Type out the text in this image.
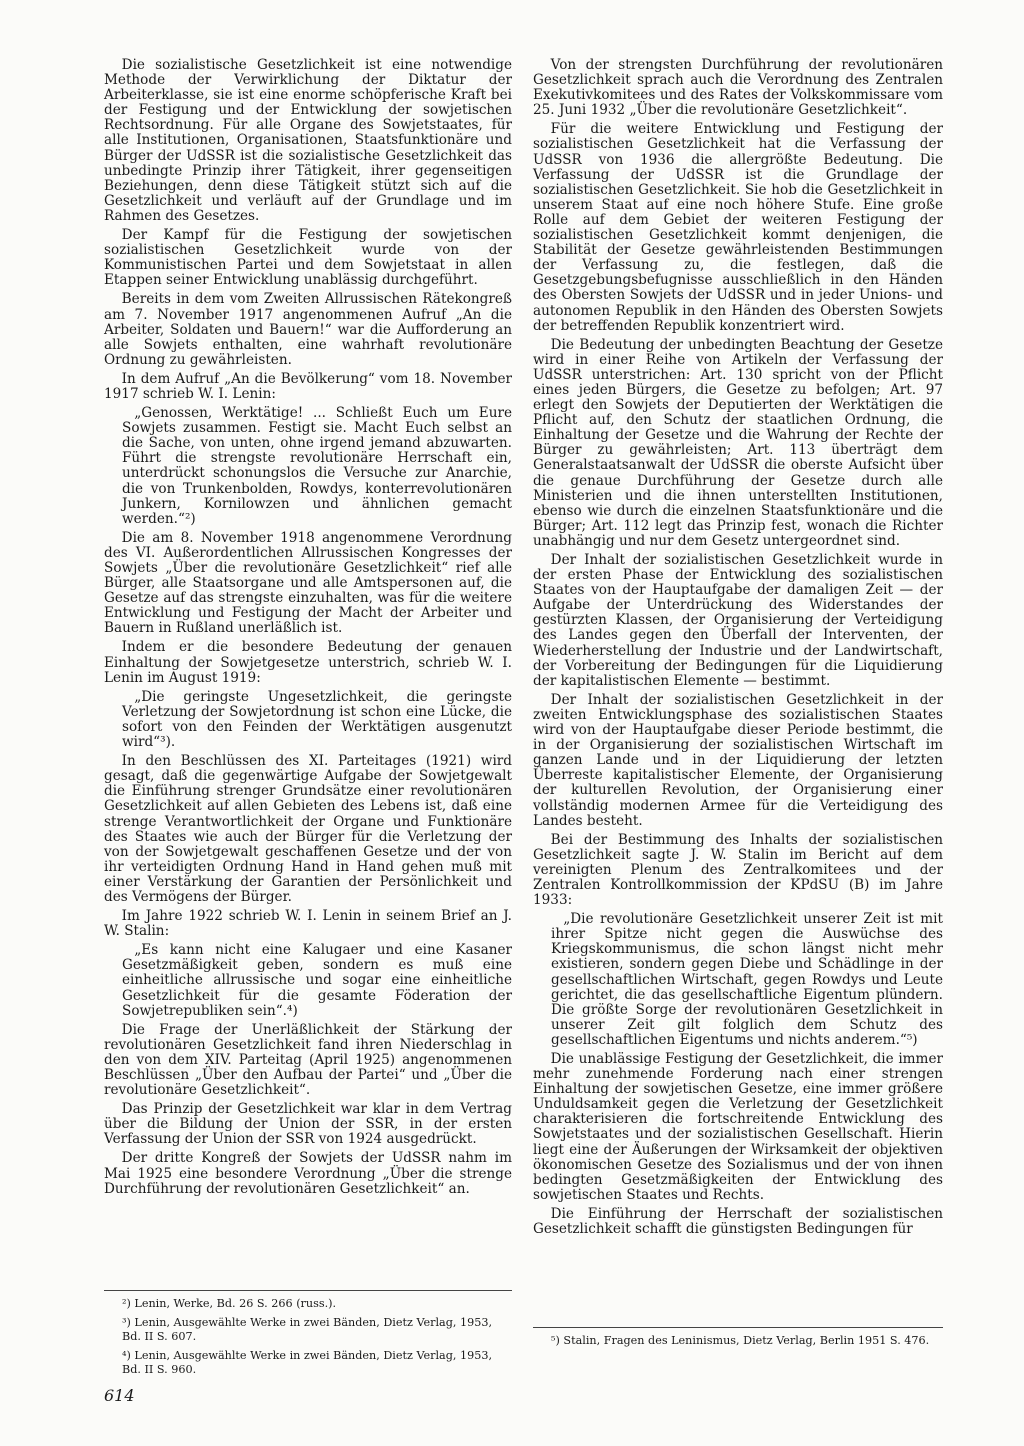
Die sozialistische Gesetzlichkeit ist eine notwendige Methode der Verwirklichung der Diktatur der Arbeiterklasse, sie ist eine enorme schöpferische Kraft bei der Festigung und der Entwicklung der sowjetischen Rechtsordnung. Für alle Organe des Sowjetstaates, für alle Institutionen, Organisationen, Staatsfunktionäre und Bürger der UdSSR ist die sozialistische Gesetzlichkeit das unbedingte Prinzip ihrer Tätigkeit, ihrer gegenseitigen Beziehungen, denn diese Tätigkeit stützt sich auf die Gesetzlichkeit und verläuft auf der Grundlage und im Rahmen des Gesetzes.

Der Kampf für die Festigung der sowjetischen sozialistischen Gesetzlichkeit wurde von der Kommunistischen Partei und dem Sowjetstaat in allen Etappen seiner Entwicklung unablässig durchgeführt.

Bereits in dem vom Zweiten Allrussischen Rätekongreß am 7. November 1917 angenommenen Aufruf „An die Arbeiter, Soldaten und Bauern!“ war die Aufforderung an alle Sowjets enthalten, eine wahrhaft revolutionäre Ordnung zu gewährleisten.

In dem Aufruf „An die Bevölkerung“ vom 18. November 1917 schrieb W. I. Lenin:

„Genossen, Werktätige! ... Schließt Euch um Eure Sowjets zusammen. Festigt sie. Macht Euch selbst an die Sache, von unten, ohne irgend jemand abzuwarten. Führt die strengste revolutionäre Herrschaft ein, unterdrückt schonungslos die Versuche zur Anarchie, die von Trunkenbolden, Rowdys, konterrevolutionären Junkern, Kornilowzen und ähnlichen gemacht werden.“²)

Die am 8. November 1918 angenommene Verordnung des VI. Außerordentlichen Allrussischen Kongresses der Sowjets „Über die revolutionäre Gesetzlichkeit“ rief alle Bürger, alle Staatsorgane und alle Amtspersonen auf, die Gesetze auf das strengste einzuhalten, was für die weitere Entwicklung und Festigung der Macht der Arbeiter und Bauern in Rußland unerläßlich ist.

Indem er die besondere Bedeutung der genauen Einhaltung der Sowjetgesetze unterstrich, schrieb W. I. Lenin im August 1919:

„Die geringste Ungesetzlichkeit, die geringste Verletzung der Sowjetordnung ist schon eine Lücke, die sofort von den Feinden der Werktätigen ausgenutzt wird“³).

In den Beschlüssen des XI. Parteitages (1921) wird gesagt, daß die gegenwärtige Aufgabe der Sowjetgewalt die Einführung strenger Grundsätze einer revolutionären Gesetzlichkeit auf allen Gebieten des Lebens ist, daß eine strenge Verantwortlichkeit der Organe und Funktionäre des Staates wie auch der Bürger für die Verletzung der von der Sowjetgewalt geschaffenen Gesetze und der von ihr verteidigten Ordnung Hand in Hand gehen muß mit einer Verstärkung der Garantien der Persönlichkeit und des Vermögens der Bürger.

Im Jahre 1922 schrieb W. I. Lenin in seinem Brief an J. W. Stalin:

„Es kann nicht eine Kalugaer und eine Kasaner Gesetzmäßigkeit geben, sondern es muß eine einheitliche allrussische und sogar eine einheitliche Gesetzlichkeit für die gesamte Föderation der Sowjetrepubliken sein“.⁴)

Die Frage der Unerläßlichkeit der Stärkung der revolutionären Gesetzlichkeit fand ihren Niederschlag in den von dem XIV. Parteitag (April 1925) angenommenen Beschlüssen „Über den Aufbau der Partei“ und „Über die revolutionäre Gesetzlichkeit“.

Das Prinzip der Gesetzlichkeit war klar in dem Vertrag über die Bildung der Union der SSR, in der ersten Verfassung der Union der SSR von 1924 ausgedrückt.

Der dritte Kongreß der Sowjets der UdSSR nahm im Mai 1925 eine besondere Verordnung „Über die strenge Durchführung der revolutionären Gesetzlichkeit“ an.

Von der strengsten Durchführung der revolutionären Gesetzlichkeit sprach auch die Verordnung des Zentralen Exekutivkomitees und des Rates der Volkskommissare vom 25. Juni 1932 „Über die revolutionäre Gesetzlichkeit“.

Für die weitere Entwicklung und Festigung der sozialistischen Gesetzlichkeit hat die Verfassung der UdSSR von 1936 die allergrößte Bedeutung. Die Verfassung der UdSSR ist die Grundlage der sozialistischen Gesetzlichkeit. Sie hob die Gesetzlichkeit in unserem Staat auf eine noch höhere Stufe. Eine große Rolle auf dem Gebiet der weiteren Festigung der sozialistischen Gesetzlichkeit kommt denjenigen, die Stabilität der Gesetze gewährleistenden Bestimmungen der Verfassung zu, die festlegen, daß die Gesetzgebungsbefugnisse ausschließlich in den Händen des Obersten Sowjets der UdSSR und in jeder Unions- und autonomen Republik in den Händen des Obersten Sowjets der betreffenden Republik konzentriert wird.

Die Bedeutung der unbedingten Beachtung der Gesetze wird in einer Reihe von Artikeln der Verfassung der UdSSR unterstrichen: Art. 130 spricht von der Pflicht eines jeden Bürgers, die Gesetze zu befolgen; Art. 97 erlegt den Sowjets der Deputierten der Werktätigen die Pflicht auf, den Schutz der staatlichen Ordnung, die Einhaltung der Gesetze und die Wahrung der Rechte der Bürger zu gewährleisten; Art. 113 überträgt dem Generalstaatsanwalt der UdSSR die oberste Aufsicht über die genaue Durchführung der Gesetze durch alle Ministerien und die ihnen unterstellten Institutionen, ebenso wie durch die einzelnen Staatsfunktionäre und die Bürger; Art. 112 legt das Prinzip fest, wonach die Richter unabhängig und nur dem Gesetz untergeordnet sind.

Der Inhalt der sozialistischen Gesetzlichkeit wurde in der ersten Phase der Entwicklung des sozialistischen Staates von der Hauptaufgabe der damaligen Zeit — der Aufgabe der Unterdrückung des Widerstandes der gestürzten Klassen, der Organisierung der Verteidigung des Landes gegen den Überfall der Interventen, der Wiederherstellung der Industrie und der Landwirtschaft, der Vorbereitung der Bedingungen für die Liquidierung der kapitalistischen Elemente — bestimmt.

Der Inhalt der sozialistischen Gesetzlichkeit in der zweiten Entwicklungsphase des sozialistischen Staates wird von der Hauptaufgabe dieser Periode bestimmt, die in der Organisierung der sozialistischen Wirtschaft im ganzen Lande und in der Liquidierung der letzten Überreste kapitalistischer Elemente, der Organisierung der kulturellen Revolution, der Organisierung einer vollständig modernen Armee für die Verteidigung des Landes besteht.

Bei der Bestimmung des Inhalts der sozialistischen Gesetzlichkeit sagte J. W. Stalin im Bericht auf dem vereinigten Plenum des Zentralkomitees und der Zentralen Kontrollkommission der KPdSU (B) im Jahre 1933:

„Die revolutionäre Gesetzlichkeit unserer Zeit ist mit ihrer Spitze nicht gegen die Auswüchse des Kriegskommunismus, die schon längst nicht mehr existieren, sondern gegen Diebe und Schädlinge in der gesellschaftlichen Wirtschaft, gegen Rowdys und Leute gerichtet, die das gesellschaftliche Eigentum plündern. Die größte Sorge der revolutionären Gesetzlichkeit in unserer Zeit gilt folglich dem Schutz des gesellschaftlichen Eigentums und nichts anderem.“⁵)

Die unablässige Festigung der Gesetzlichkeit, die immer mehr zunehmende Forderung nach einer strengen Einhaltung der sowjetischen Gesetze, eine immer größere Unduldsamkeit gegen die Verletzung der Gesetzlichkeit charakterisieren die fortschreitende Entwicklung des Sowjetstaates und der sozialistischen Gesellschaft. Hierin liegt eine der Äußerungen der Wirksamkeit der objektiven ökonomischen Gesetze des Sozialismus und der von ihnen bedingten Gesetzmäßigkeiten der Entwicklung des sowjetischen Staates und Rechts.

Die Einführung der Herrschaft der sozialistischen Gesetzlichkeit schafft die günstigsten Bedingungen für

²) Lenin, Werke, Bd. 26 S. 266 (russ.).

³) Lenin, Ausgewählte Werke in zwei Bänden, Dietz Verlag, 1953, Bd. II S. 607.

⁴) Lenin, Ausgewählte Werke in zwei Bänden, Dietz Verlag, 1953, Bd. II S. 960.

⁵) Stalin, Fragen des Leninismus, Dietz Verlag, Berlin 1951 S. 476.

614
